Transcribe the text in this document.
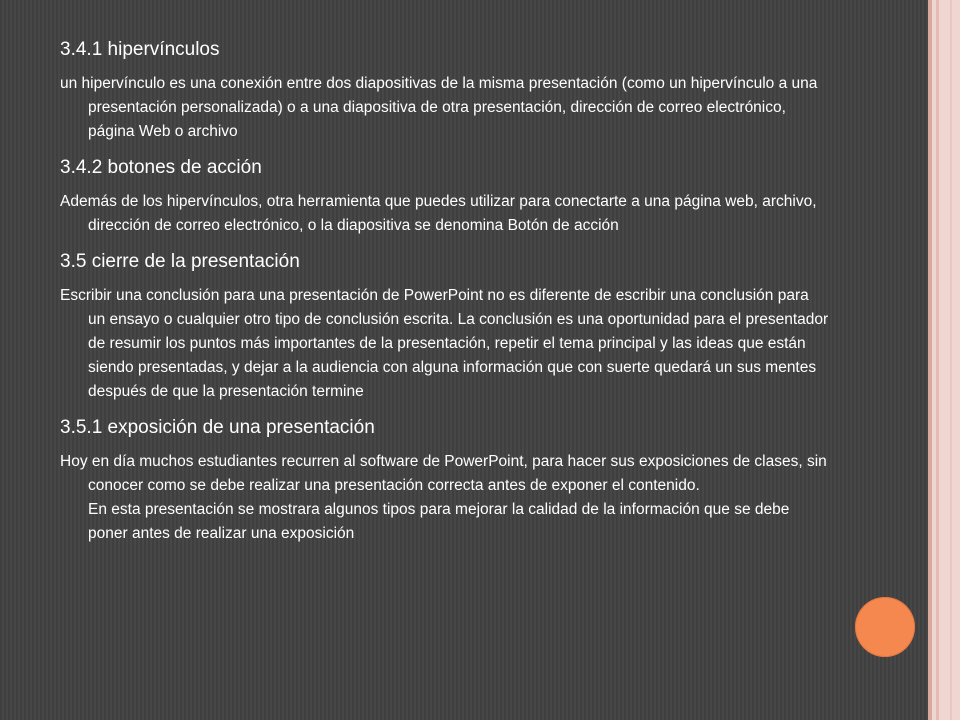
3.4.1 hipervínculos

un hipervínculo es una conexión entre dos diapositivas de la misma presentación (como un hipervínculo a una presentación personalizada) o a una diapositiva de otra presentación, dirección de correo electrónico, página Web o archivo

3.4.2 botones de acción

Además de los hipervínculos, otra herramienta que puedes utilizar para conectarte a una página web, archivo, dirección de correo electrónico, o la diapositiva se denomina Botón de acción

3.5 cierre de la presentación

Escribir una conclusión para una presentación de PowerPoint no es diferente de escribir una conclusión para un ensayo o cualquier otro tipo de conclusión escrita. La conclusión es una oportunidad para el presentador de resumir los puntos más importantes de la presentación, repetir el tema principal y las ideas que están siendo presentadas, y dejar a la audiencia con alguna información que con suerte quedará un sus mentes después de que la presentación termine

3.5.1 exposición de una presentación

Hoy en día muchos estudiantes recurren al software de PowerPoint, para hacer sus exposiciones de clases, sin conocer como se debe realizar una presentación correcta antes de exponer el contenido.
En esta presentación se mostrara algunos tipos para mejorar la calidad de la información que se debe poner antes de realizar una exposición
